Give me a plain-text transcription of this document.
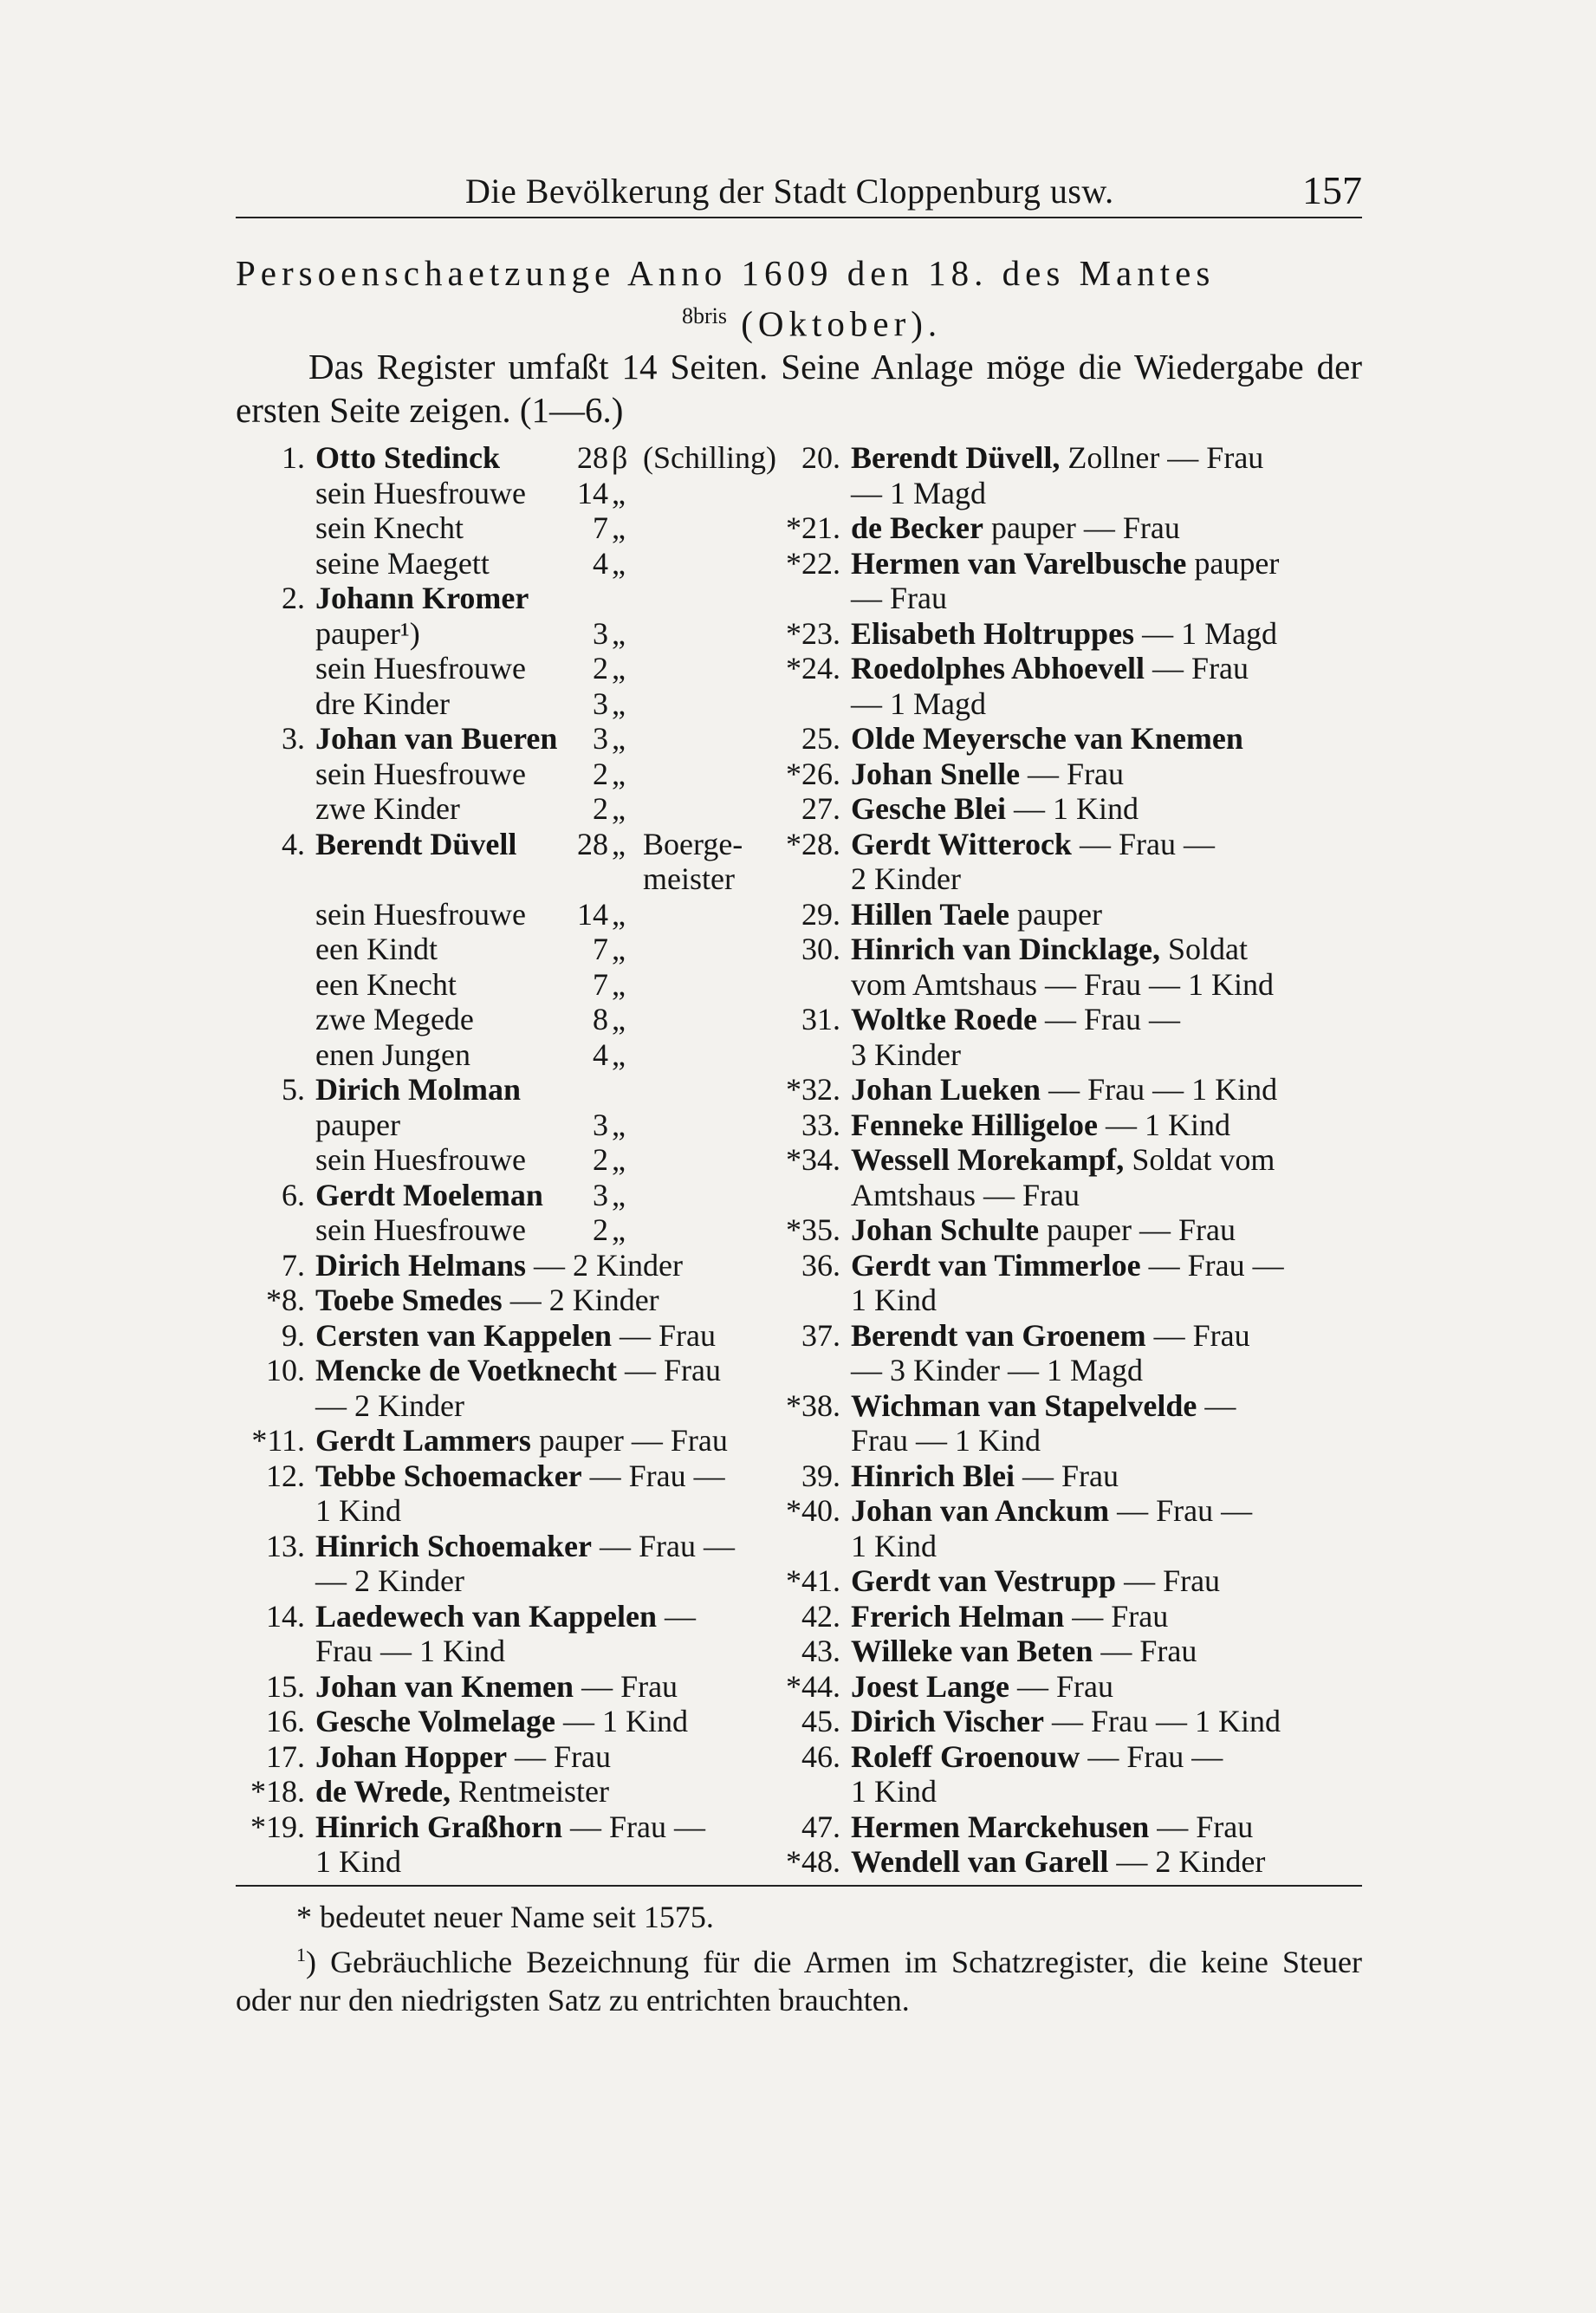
Die Bevölkerung der Stadt Cloppenburg usw.	157
Persoenschaetzunge Anno 1609 den 18. des Mantes
$^{8bris}$ (Oktober).

Das Register umfaßt 14 Seiten. Seine Anlage möge die Wiedergabe der ersten Seite zeigen. (1—6.)

1. Otto Stedinck	28 β (Schilling)
sein Huesfrouwe	14 „
sein Knecht	7 „
seine Maegett	4 „
2. Johann Kromer
pauper¹)	3 „
sein Huesfrouwe	2 „
dre Kinder	3 „
3. Johan van Bueren	3 „
sein Huesfrouwe	2 „
zwe Kinder	2 „
4. Berendt Düvell	28 „ Boerge-
meister
sein Huesfrouwe	14 „
een Kindt	7 „
een Knecht	7 „
zwe Megede	8 „
enen Jungen	4 „
5. Dirich Molman
pauper	3 „
sein Huesfrouwe	2 „
6. Gerdt Moeleman	3 „
sein Huesfrouwe	2 „
7. Dirich Helmans — 2 Kinder
*8. Toebe Smedes — 2 Kinder
9. Cersten van Kappelen — Frau
10. Mencke de Voetknecht — Frau
— 2 Kinder
*11. Gerdt Lammers pauper — Frau
12. Tebbe Schoemacker — Frau —
1 Kind
13. Hinrich Schoemaker — Frau —
— 2 Kinder
14. Laedewech van Kappelen —
Frau — 1 Kind
15. Johan van Knemen — Frau
16. Gesche Volmelage — 1 Kind
17. Johan Hopper — Frau
*18. de Wrede, Rentmeister
*19. Hinrich Graßhorn — Frau —
1 Kind
20. Berendt Düvell, Zollner — Frau
— 1 Magd
*21. de Becker pauper — Frau
*22. Hermen van Varelbusche pauper
— Frau
*23. Elisabeth Holtruppes — 1 Magd
*24. Roedolphes Abhoevell — Frau
— 1 Magd
25. Olde Meyersche van Knemen
*26. Johan Snelle — Frau
27. Gesche Blei — 1 Kind
*28. Gerdt Witterock — Frau —
2 Kinder
29. Hillen Taele pauper
30. Hinrich van Dincklage, Soldat
vom Amtshaus — Frau — 1 Kind
31. Woltke Roede — Frau —
3 Kinder
*32. Johan Lueken — Frau — 1 Kind
33. Fenneke Hilligeloe — 1 Kind
*34. Wessell Morekampf, Soldat vom
Amtshaus — Frau
*35. Johan Schulte pauper — Frau
36. Gerdt van Timmerloe — Frau —
1 Kind
37. Berendt van Groenem — Frau
— 3 Kinder — 1 Magd
*38. Wichman van Stapelvelde —
Frau — 1 Kind
39. Hinrich Blei — Frau
*40. Johan van Anckum — Frau —
1 Kind
*41. Gerdt van Vestrupp — Frau
42. Frerich Helman — Frau
43. Willeke van Beten — Frau
*44. Joest Lange — Frau
45. Dirich Vischer — Frau — 1 Kind
46. Roleff Groenouw — Frau —
1 Kind
47. Hermen Marckehusen — Frau
*48. Wendell van Garell — 2 Kinder
* bedeutet neuer Name seit 1575.
$^1$) Gebräuchliche Bezeichnung für die Armen im Schatzregister, die keine Steuer oder nur den niedrigsten Satz zu entrichten brauchten.
